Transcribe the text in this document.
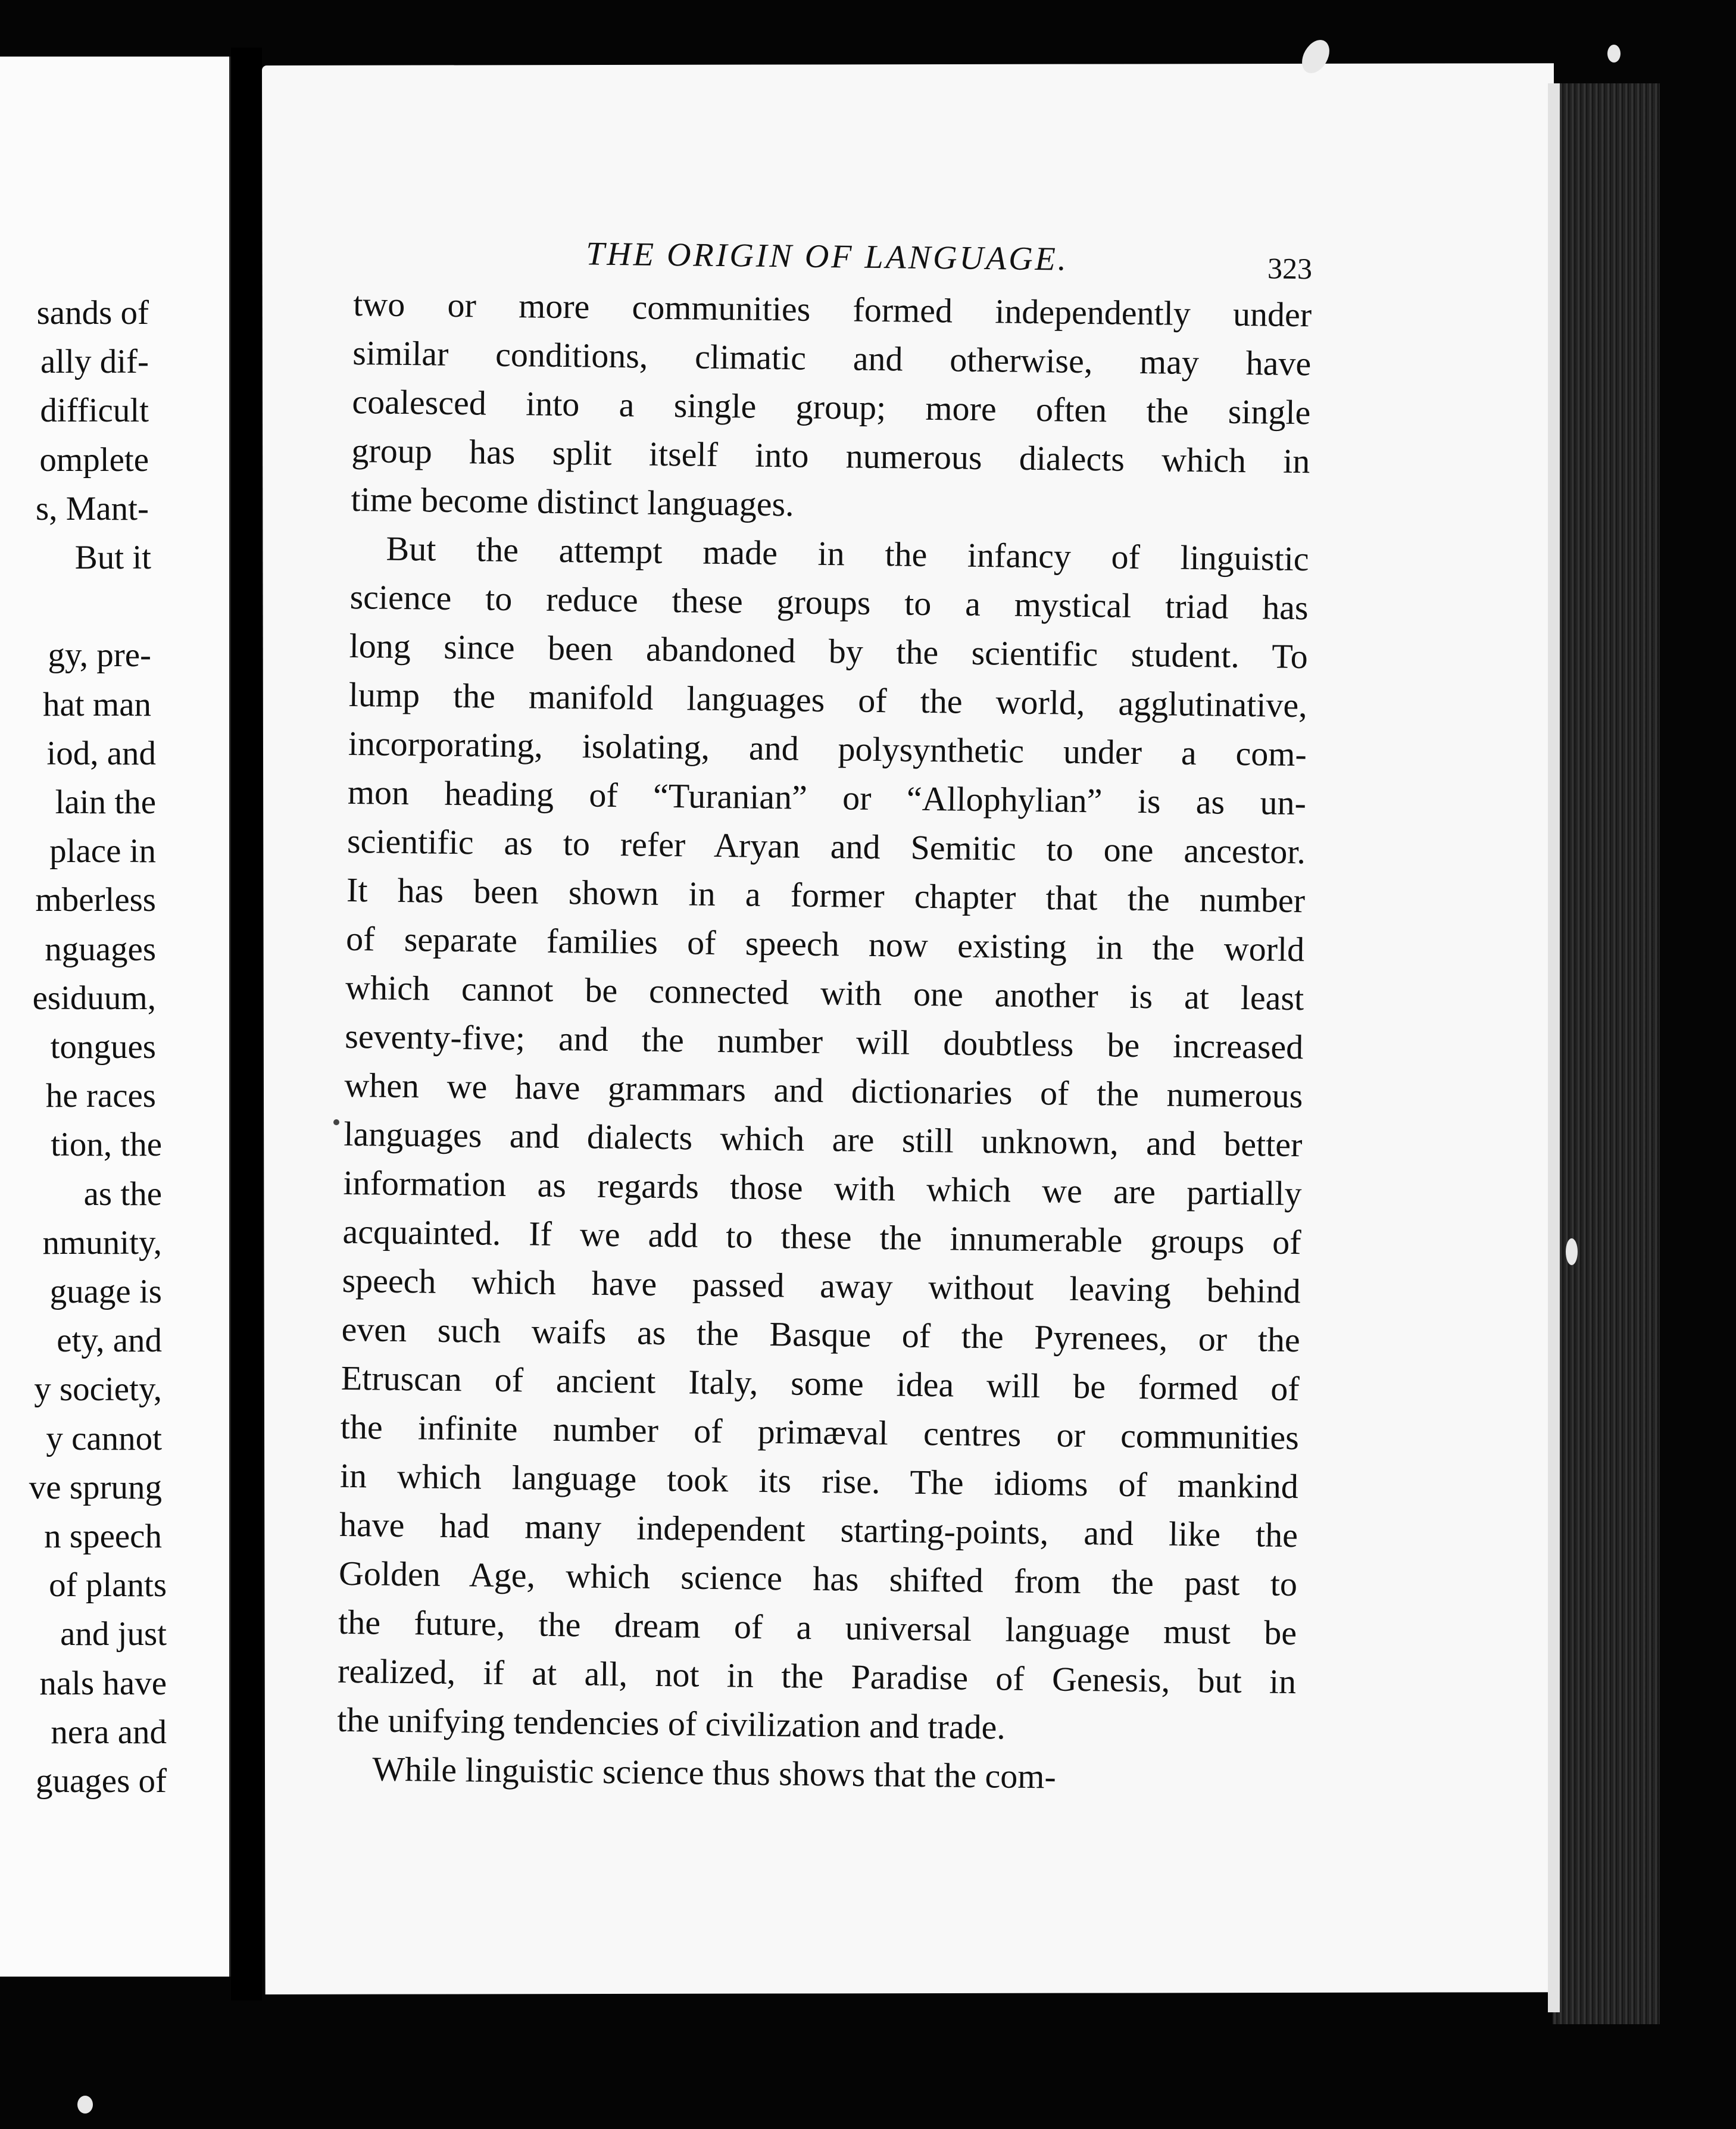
sands of
ally dif-
difficult
omplete
s, Mant-
But it

gy, pre-
hat man
iod, and
lain the
place in
mberless
nguages
esiduum,
tongues
he races
tion, the
as the
nmunity,
guage is
ety, and
y society,
y cannot
ve sprung
n speech
of plants
and just
nals have
nera and
guages of
THE ORIGIN OF LANGUAGE.	323
two or more communities formed independently under
similar conditions, climatic and otherwise, may have
coalesced into a single group; more often the single
group has split itself into numerous dialects which in
time become distinct languages.
But the attempt made in the infancy of linguistic
science to reduce these groups to a mystical triad has
long since been abandoned by the scientific student. To
lump the manifold languages of the world, agglutinative,
incorporating, isolating, and polysynthetic under a com-
mon heading of “Turanian” or “Allophylian” is as un-
scientific as to refer Aryan and Semitic to one ancestor.
It has been shown in a former chapter that the number
of separate families of speech now existing in the world
which cannot be connected with one another is at least
seventy-five; and the number will doubtless be increased
when we have grammars and dictionaries of the numerous
languages and dialects which are still unknown, and better
information as regards those with which we are partially
acquainted. If we add to these the innumerable groups of
speech which have passed away without leaving behind
even such waifs as the Basque of the Pyrenees, or the
Etruscan of ancient Italy, some idea will be formed of
the infinite number of primæval centres or communities
in which language took its rise. The idioms of mankind
have had many independent starting-points, and like the
Golden Age, which science has shifted from the past to
the future, the dream of a universal language must be
realized, if at all, not in the Paradise of Genesis, but in
the unifying tendencies of civilization and trade.
While linguistic science thus shows that the com-
